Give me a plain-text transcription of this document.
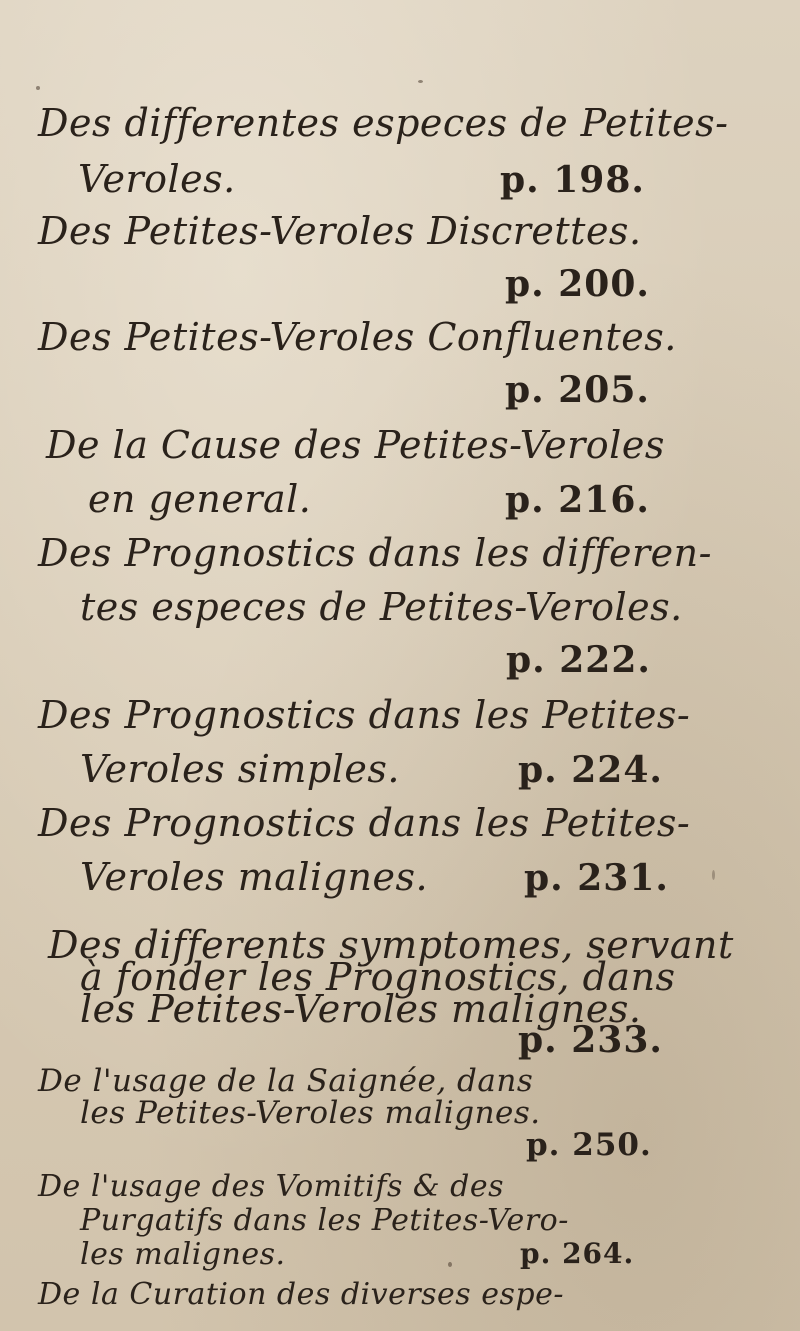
Des differentes especes de Petites-
Veroles.	p. 198.
Des Petites-Veroles Discrettes.
p. 200.
Des Petites-Veroles Confluentes.
p. 205.
De la Cause des Petites-Veroles
en general.	p. 216.
Des Prognostics dans les differen-
tes especes de Petites-Veroles.
p. 222.
Des Prognostics dans les Petites-
Veroles simples.	p. 224.
Des Prognostics dans les Petites-
Veroles malignes.	p. 231.
Des differents symptomes, servant
à fonder les Prognostics, dans
les Petites-Veroles malignes.
p. 233.
De l'usage de la Saignée, dans
les Petites-Veroles malignes.
p. 250.
De l'usage des Vomitifs & des
Purgatifs dans les Petites-Vero-
les malignes.	p. 264.
De la Curation des diverses espe-
